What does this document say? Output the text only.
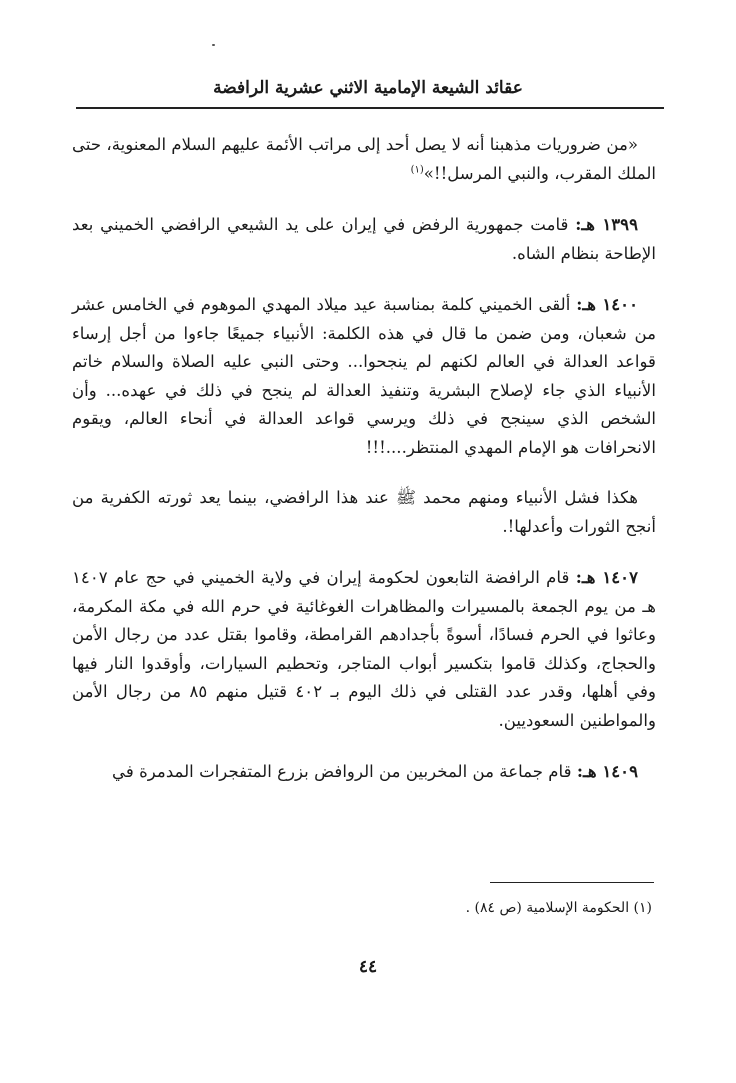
عقائد الشيعة الإمامية الاثني عشرية الرافضة

«من ضروريات مذهبنا أنه لا يصل أحد إلى مراتب الأئمة عليهم السلام المعنوية، حتى الملك المقرب، والنبي المرسل!!»$^{(١)}$

١٣٩٩ هـ: قامت جمهورية الرفض في إيران على يد الشيعي الرافضي الخميني بعد الإطاحة بنظام الشاه.

١٤٠٠ هـ: ألقى الخميني كلمة بمناسبة عيد ميلاد المهدي الموهوم في الخامس عشر من شعبان، ومن ضمن ما قال في هذه الكلمة: الأنبياء جميعًا جاءوا من أجل إرساء قواعد العدالة في العالم لكنهم لم ينجحوا... وحتى النبي عليه الصلاة والسلام خاتم الأنبياء الذي جاء لإصلاح البشرية وتنفيذ العدالة لم ينجح في ذلك في عهده... وأن الشخص الذي سينجح في ذلك ويرسي قواعد العدالة في أنحاء العالم، ويقوم الانحرافات هو الإمام المهدي المنتظر....!!!

هكذا فشل الأنبياء ومنهم محمد ﷺ عند هذا الرافضي، بينما يعد ثورته الكفرية من أنجح الثورات وأعدلها!.

١٤٠٧ هـ: قام الرافضة التابعون لحكومة إيران في ولاية الخميني في حج عام ١٤٠٧ هـ من يوم الجمعة بالمسيرات والمظاهرات الغوغائية في حرم الله في مكة المكرمة، وعاثوا في الحرم فسادًا، أسوةً بأجدادهم القرامطة، وقاموا بقتل عدد من رجال الأمن والحجاج، وكذلك قاموا بتكسير أبواب المتاجر، وتحطيم السيارات، وأوقدوا النار فيها وفي أهلها، وقدر عدد القتلى في ذلك اليوم بـ ٤٠٢ قتيل منهم ٨٥ من رجال الأمن والمواطنين السعوديين.

١٤٠٩ هـ: قام جماعة من المخربين من الروافض بزرع المتفجرات المدمرة في

(١) الحكومة الإسلامية (ص ٨٤) .
٤٤
